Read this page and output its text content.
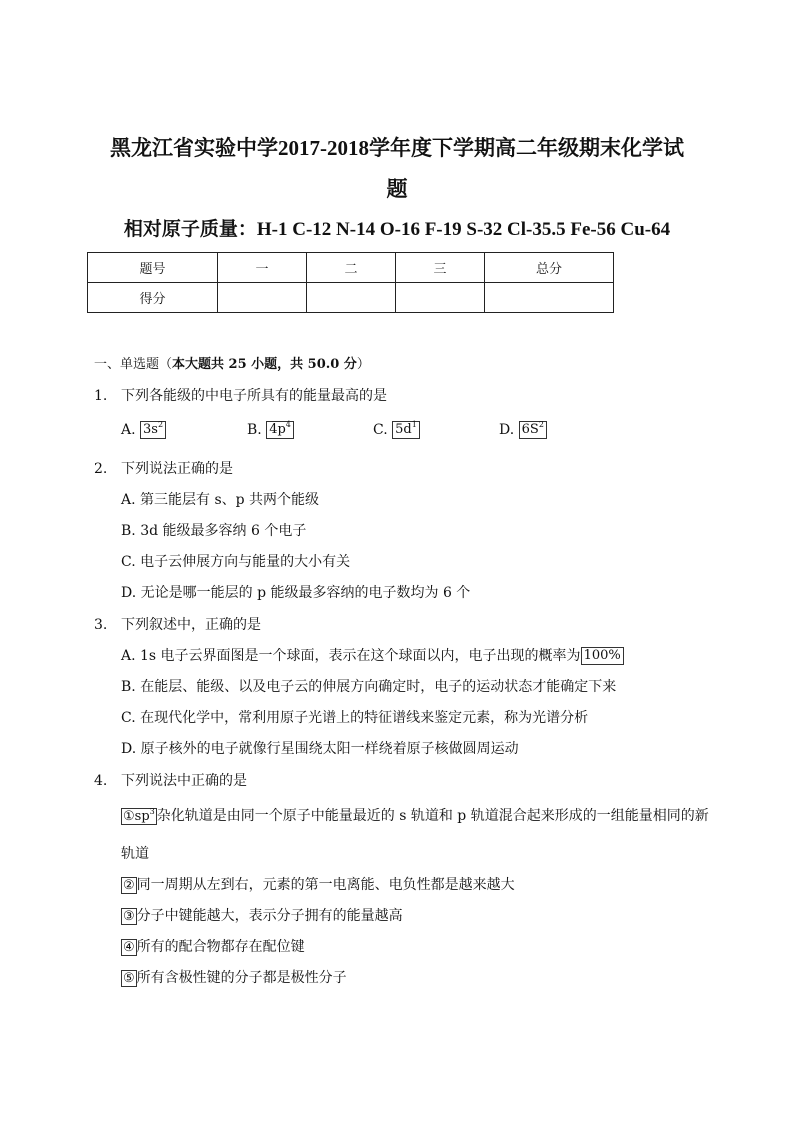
黑龙江省实验中学2017-2018学年度下学期高二年级期末化学试
题
相对原子质量：H-1 C-12 N-14 O-16 F-19 S-32 Cl-35.5 Fe-56 Cu-64
题号	一	二	三	总分
得分				
一、单选题（本大题共 25 小题，共 50.0 分）
1. 下列各能级的中电子所具有的能量最高的是
A. $3s^2$	B. $4p^4$	C. $5d^1$	D. $6S^2$
2. 下列说法正确的是
A. 第三能层有 s、p 共两个能级
B. 3d 能级最多容纳 6 个电子
C. 电子云伸展方向与能量的大小有关
D. 无论是哪一能层的 p 能级最多容纳的电子数均为 6 个
3. 下列叙述中，正确的是
A. 1s 电子云界面图是一个球面，表示在这个球面以内，电子出现的概率为 100%
B. 在能层、能级、以及电子云的伸展方向确定时，电子的运动状态才能确定下来
C. 在现代化学中，常利用原子光谱上的特征谱线来鉴定元素，称为光谱分析
D. 原子核外的电子就像行星围绕太阳一样绕着原子核做圆周运动
4. 下列说法中正确的是
$①sp^3$ 杂化轨道是由同一个原子中能量最近的 s 轨道和 p 轨道混合起来形成的一组能量相同的新
轨道
② 同一周期从左到右，元素的第一电离能、电负性都是越来越大
③ 分子中键能越大，表示分子拥有的能量越高
④ 所有的配合物都存在配位键
⑤ 所有含极性键的分子都是极性分子
